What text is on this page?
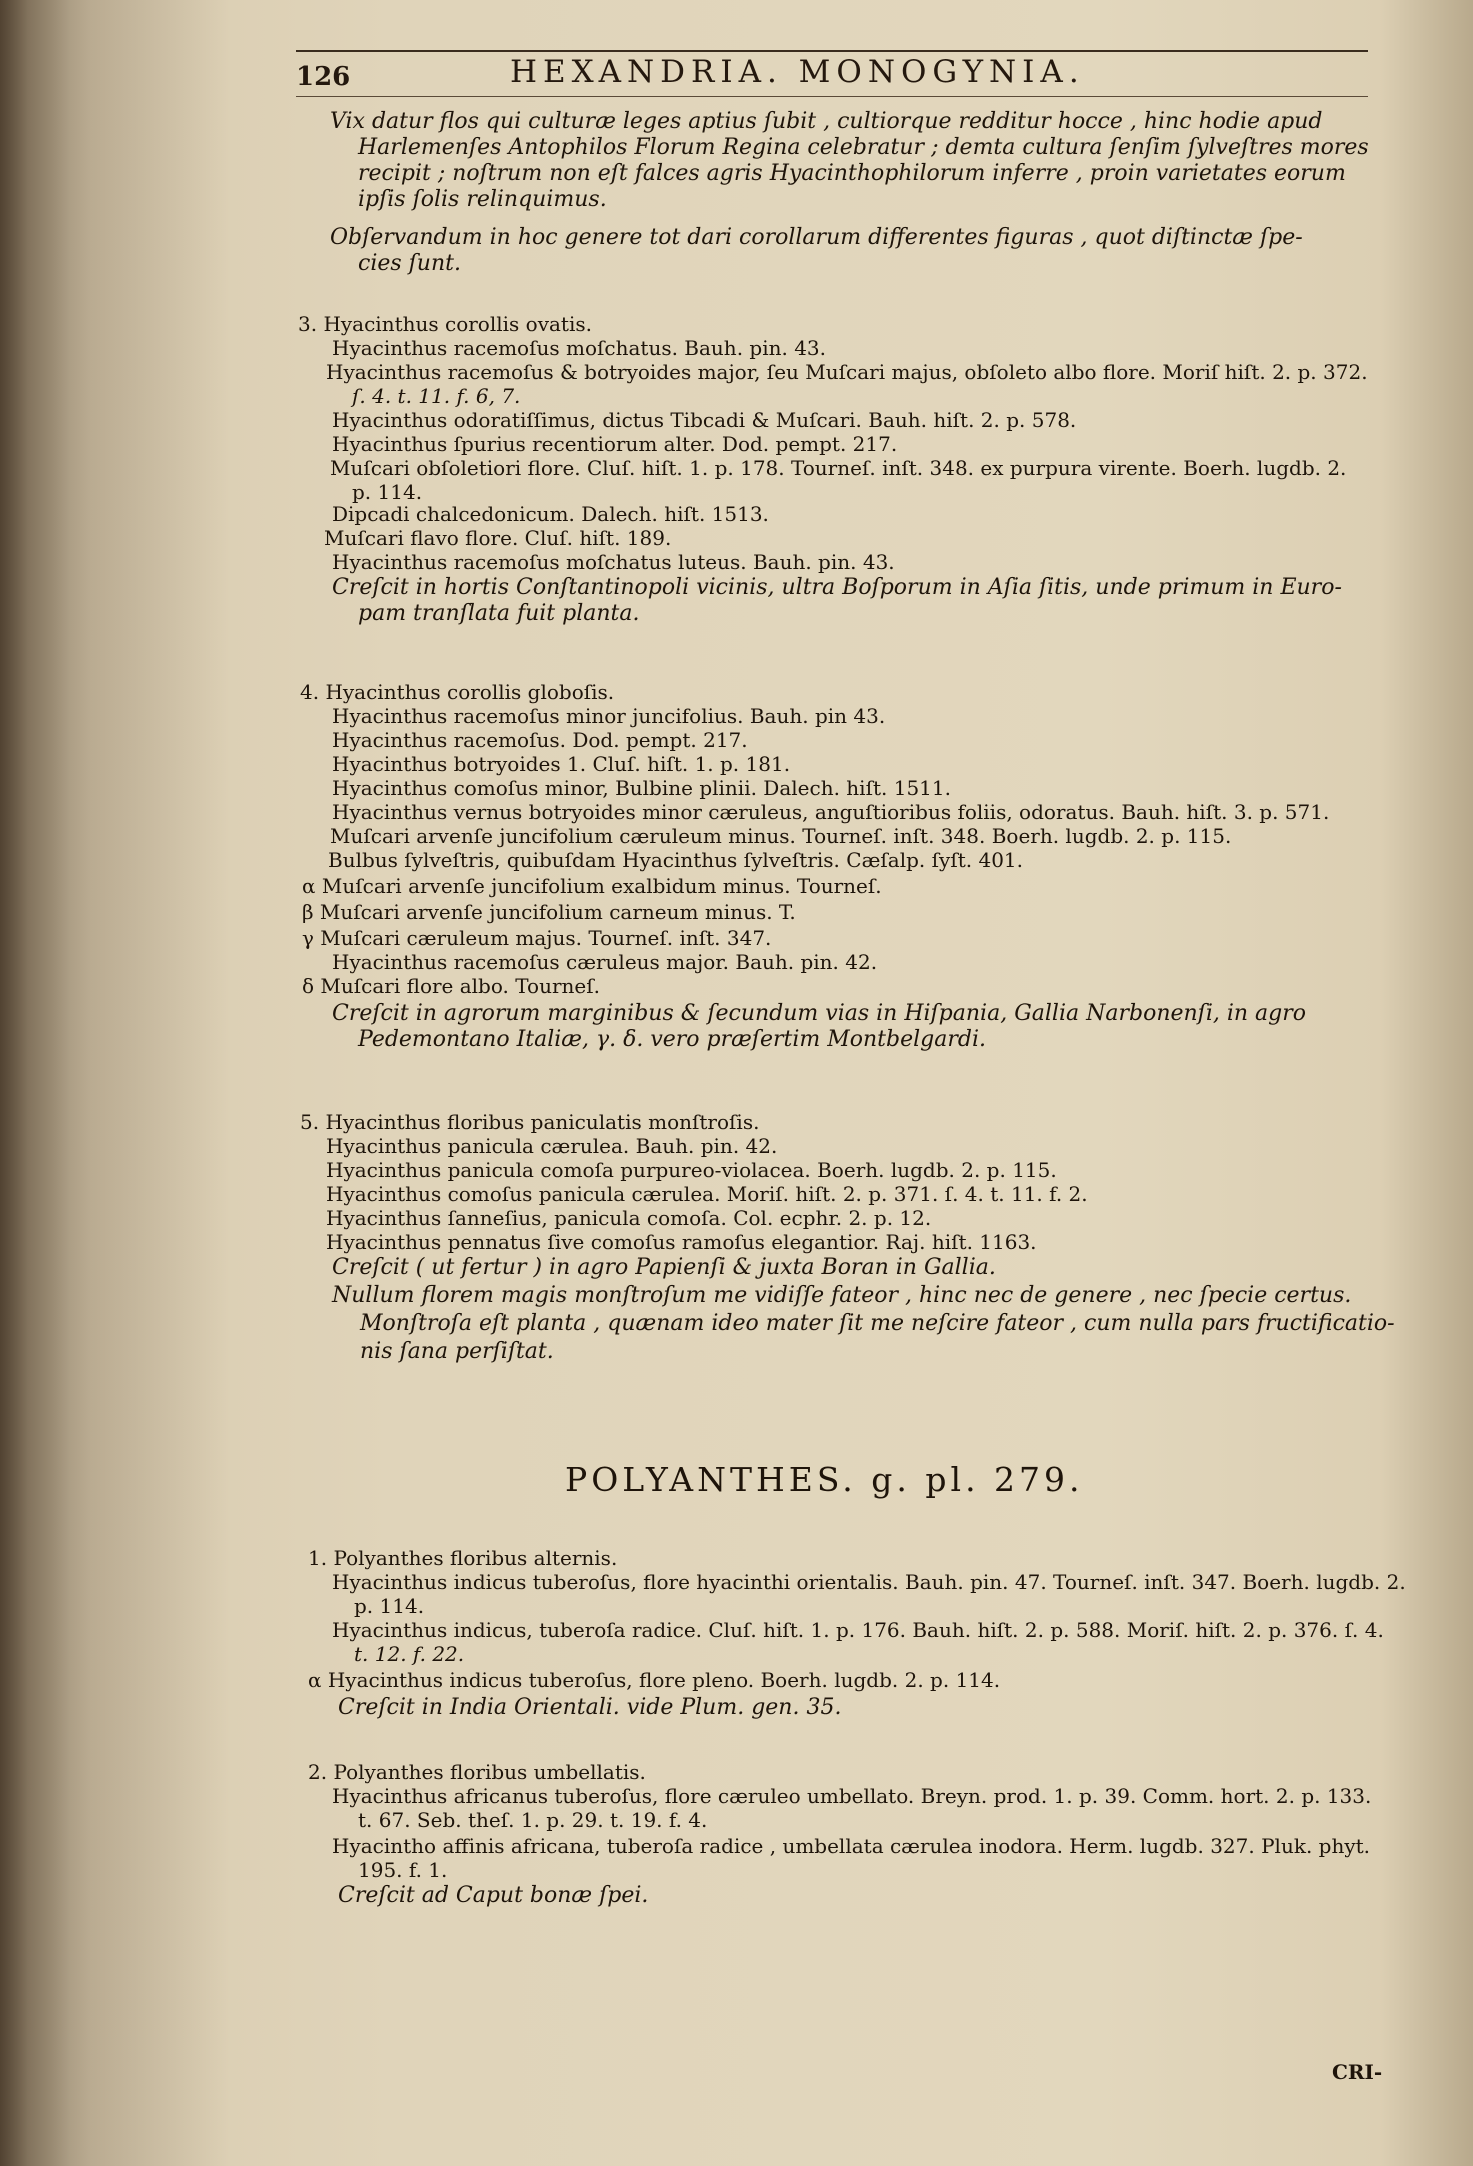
126	HEXANDRIA. MONOGYNIA.
Vix datur flos qui culturæ leges aptius ſubit , cultiorque redditur hocce , hinc hodie apud
Harlemenſes Antophilos Florum Regina celebratur ; demta cultura ſenſim ſylveſtres mores
recipit ; noſtrum non eſt falces agris Hyacinthophilorum inferre , proin varietates eorum
ipſis ſolis relinquimus.
Obſervandum in hoc genere tot dari corollarum differentes figuras , quot diſtinctæ ſpe-
cies ſunt.
3. Hyacinthus corollis ovatis.
Hyacinthus racemoſus moſchatus. Bauh. pin. 43.
Hyacinthus racemoſus & botryoides major, ſeu Muſcari majus, obſoleto albo flore. Moriſ hiſt. 2. p. 372.
ſ. 4. t. 11. f. 6, 7.
Hyacinthus odoratiſſimus, dictus Tibcadi & Muſcari. Bauh. hiſt. 2. p. 578.
Hyacinthus ſpurius recentiorum alter. Dod. pempt. 217.
Muſcari obſoletiori flore. Cluſ. hiſt. 1. p. 178. Tourneſ. inſt. 348. ex purpura virente. Boerh. lugdb. 2.
p. 114.
Dipcadi chalcedonicum. Dalech. hiſt. 1513.
Muſcari flavo flore. Cluſ. hiſt. 189.
Hyacinthus racemoſus moſchatus luteus. Bauh. pin. 43.
Creſcit in hortis Conſtantinopoli vicinis, ultra Boſporum in Aſia ſitis, unde primum in Euro-
pam tranſlata fuit planta.
4. Hyacinthus corollis globoſis.
Hyacinthus racemoſus minor juncifolius. Bauh. pin 43.
Hyacinthus racemoſus. Dod. pempt. 217.
Hyacinthus botryoides 1. Cluſ. hiſt. 1. p. 181.
Hyacinthus comoſus minor, Bulbine plinii. Dalech. hiſt. 1511.
Hyacinthus vernus botryoides minor cæruleus, anguſtioribus foliis, odoratus. Bauh. hiſt. 3. p. 571.
Muſcari arvenſe juncifolium cæruleum minus. Tourneſ. inſt. 348. Boerh. lugdb. 2. p. 115.
Bulbus ſylveſtris, quibuſdam Hyacinthus ſylveſtris. Cæſalp. ſyſt. 401.
α Muſcari arvenſe juncifolium exalbidum minus. Tourneſ.
β Muſcari arvenſe juncifolium carneum minus. T.
γ Muſcari cæruleum majus. Tourneſ. inſt. 347.
Hyacinthus racemoſus cæruleus major. Bauh. pin. 42.
δ Muſcari flore albo. Tourneſ.
Creſcit in agrorum marginibus & ſecundum vias in Hiſpania, Gallia Narbonenſi, in agro
Pedemontano Italiæ, γ. δ. vero præſertim Montbelgardi.
5. Hyacinthus floribus paniculatis monſtroſis.
Hyacinthus panicula cærulea. Bauh. pin. 42.
Hyacinthus panicula comoſa purpureo-violacea. Boerh. lugdb. 2. p. 115.
Hyacinthus comoſus panicula cærulea. Moriſ. hiſt. 2. p. 371. ſ. 4. t. 11. f. 2.
Hyacinthus ſanneſius, panicula comoſa. Col. ecphr. 2. p. 12.
Hyacinthus pennatus ſive comoſus ramoſus elegantior. Raj. hiſt. 1163.
Creſcit ( ut fertur ) in agro Papienſi & juxta Boran in Gallia.
Nullum florem magis monſtroſum me vidiſſe fateor , hinc nec de genere , nec ſpecie certus.
Monſtroſa eſt planta , quænam ideo mater ſit me neſcire fateor , cum nulla pars fructificatio-
nis ſana perſiſtat.
1. Polyanthes floribus alternis.
Hyacinthus indicus tuberoſus, flore hyacinthi orientalis. Bauh. pin. 47. Tourneſ. inſt. 347. Boerh. lugdb. 2.
p. 114.
Hyacinthus indicus, tuberoſa radice. Cluſ. hiſt. 1. p. 176. Bauh. hiſt. 2. p. 588. Moriſ. hiſt. 2. p. 376. ſ. 4.
t. 12. f. 22.
α Hyacinthus indicus tuberoſus, flore pleno. Boerh. lugdb. 2. p. 114.
Creſcit in India Orientali. vide Plum. gen. 35.
2. Polyanthes floribus umbellatis.
Hyacinthus africanus tuberoſus, flore cæruleo umbellato. Breyn. prod. 1. p. 39. Comm. hort. 2. p. 133.
t. 67. Seb. theſ. 1. p. 29. t. 19. f. 4.
Hyacintho affinis africana, tuberoſa radice , umbellata cærulea inodora. Herm. lugdb. 327. Pluk. phyt.
195. f. 1.
Creſcit ad Caput bonæ ſpei.
POLYANTHES. g. pl. 279.
CRI-
